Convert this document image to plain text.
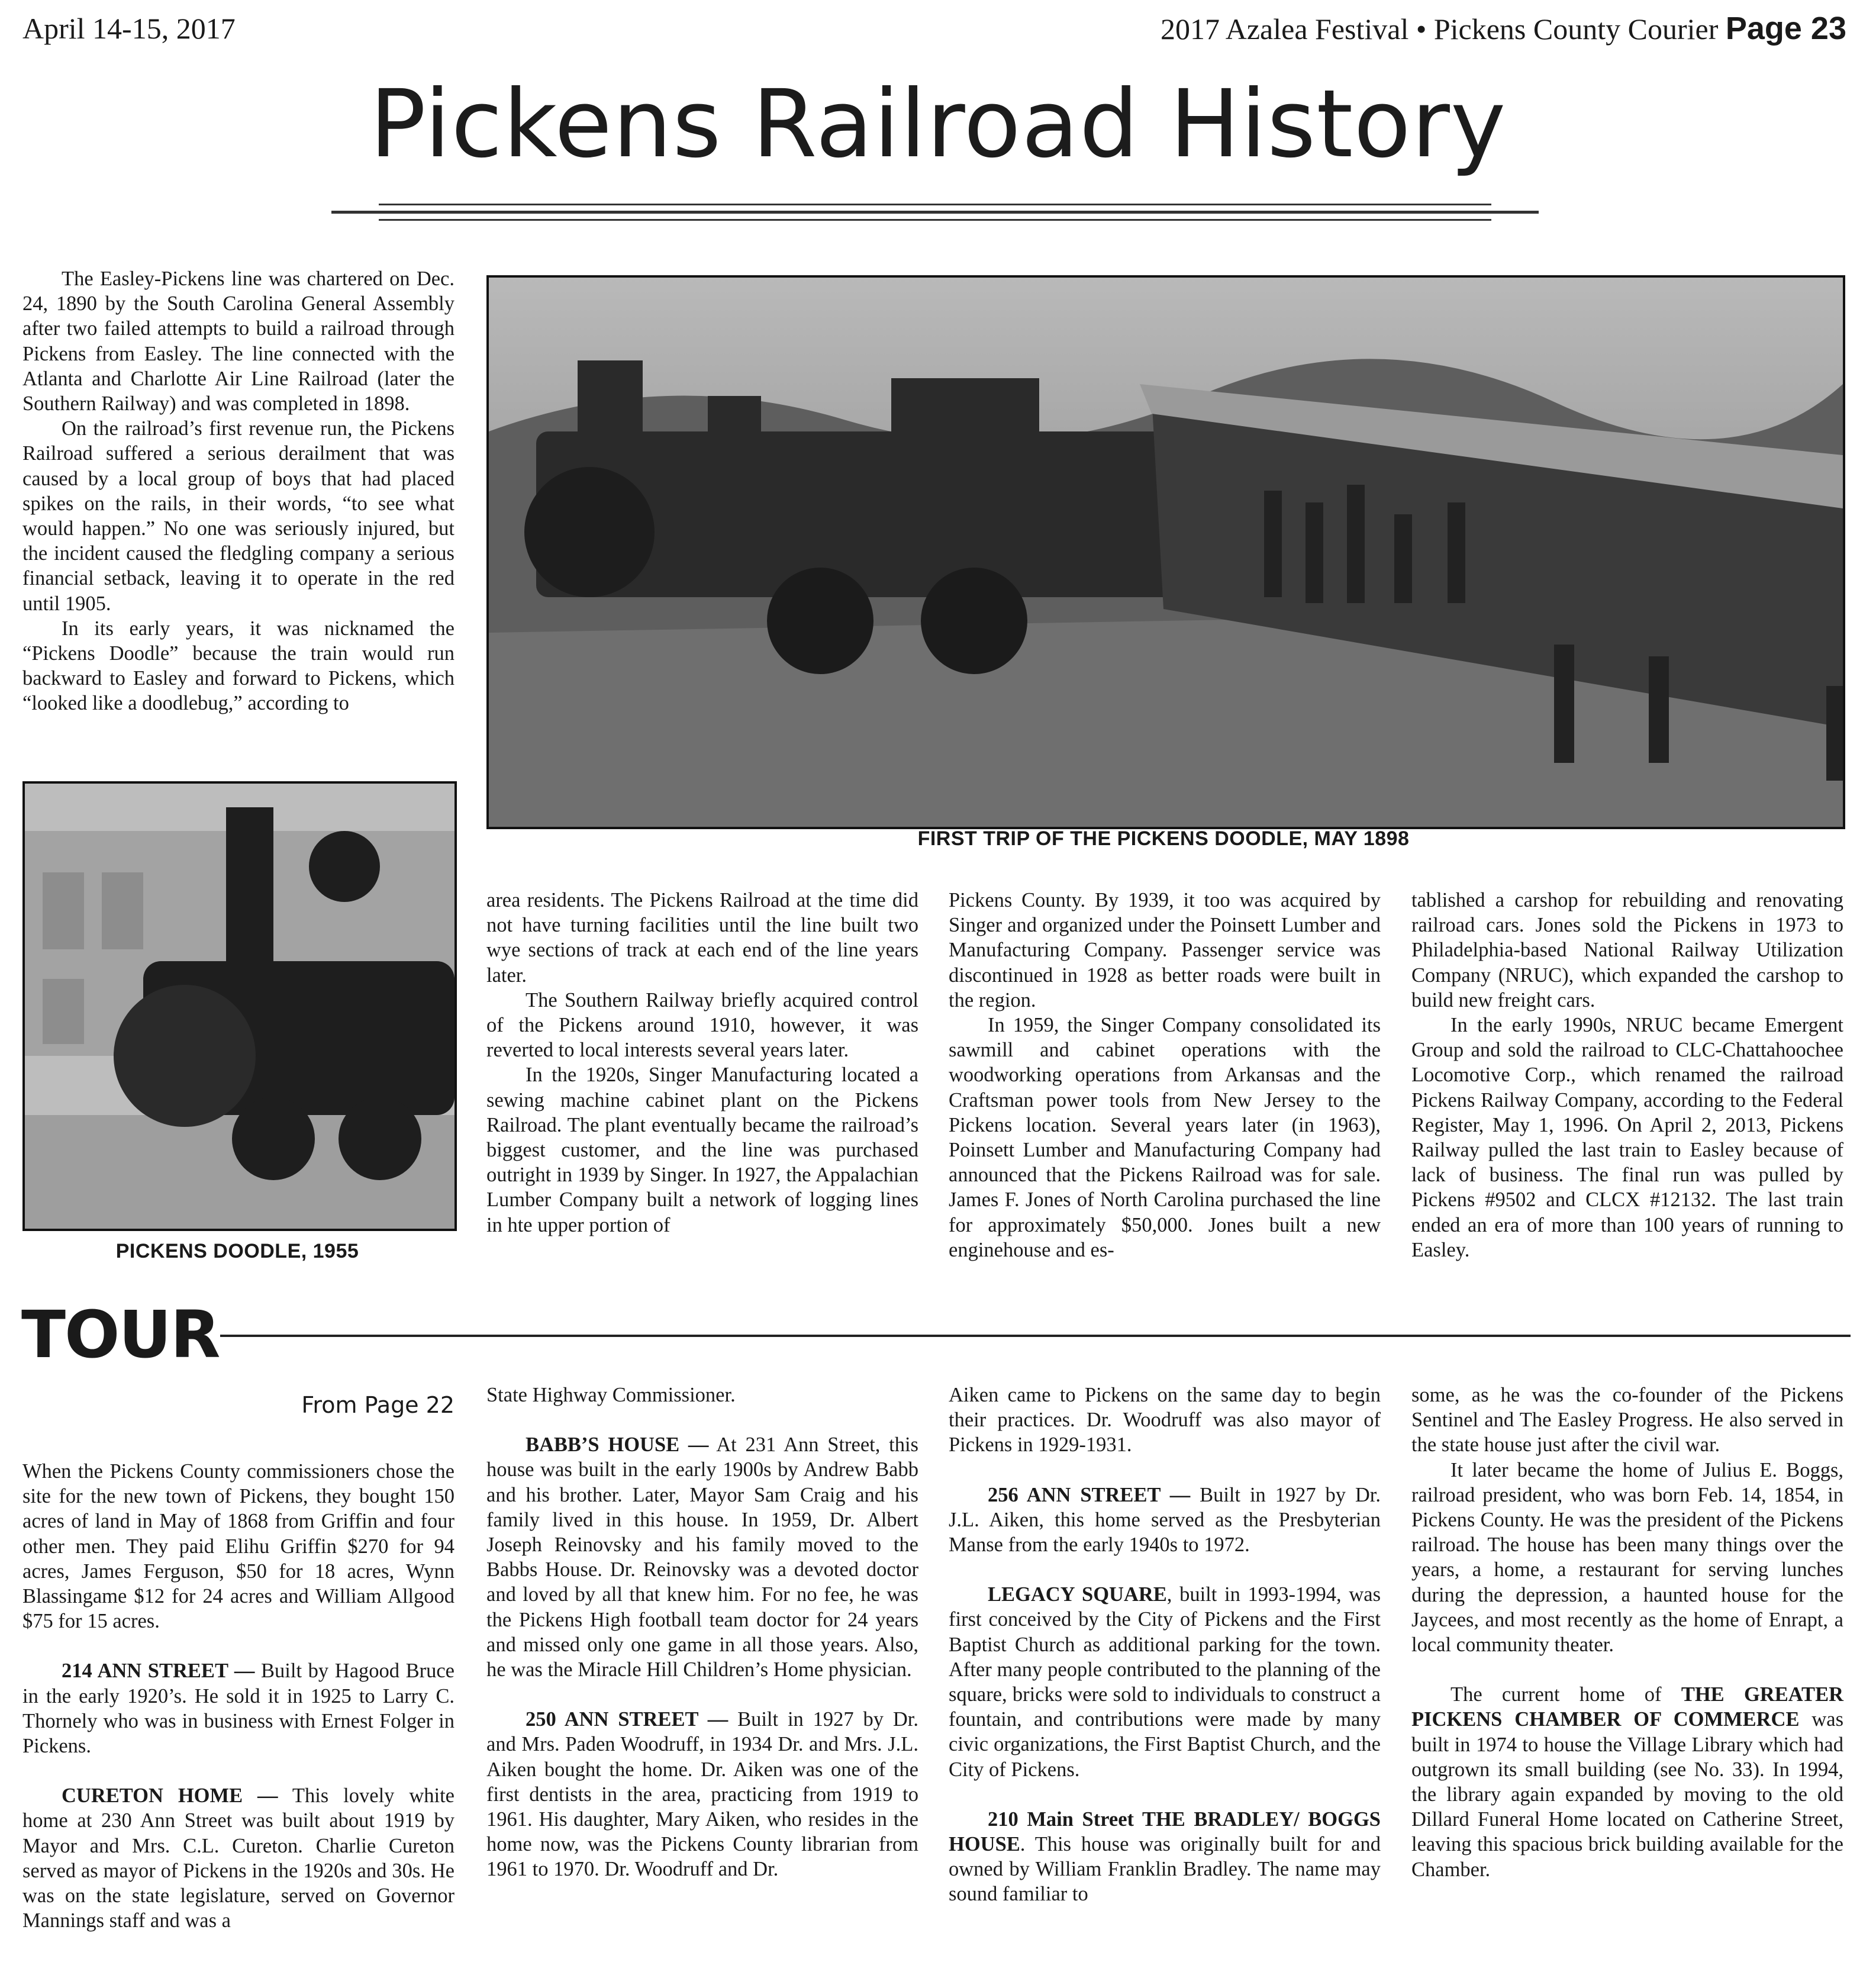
April 14-15, 2017	2017 Azalea Festival • Pickens County Courier Page 23
Pickens Railroad History

The Easley-Pickens line was chartered on Dec. 24, 1890 by the South Carolina General Assembly after two failed attempts to build a railroad through Pickens from Easley. The line connected with the Atlanta and Charlotte Air Line Railroad (later the Southern Railway) and was completed in 1898.

On the railroad’s first revenue run, the Pickens Railroad suffered a serious derailment that was caused by a local group of boys that had placed spikes on the rails, in their words, “to see what would happen.” No one was seriously injured, but the incident caused the fledgling company a serious financial setback, leaving it to operate in the red until 1905.

In its early years, it was nicknamed the “Pickens Doodle” because the train would run backward to Easley and forward to Pickens, which “looked like a doodlebug,” according to

FIRST TRIP OF THE PICKENS DOODLE, MAY 1898
PICKENS DOODLE, 1955

area residents. The Pickens Railroad at the time did not have turning facilities until the line built two wye sections of track at each end of the line years later.

The Southern Railway briefly acquired control of the Pickens around 1910, however, it was reverted to local interests several years later.

In the 1920s, Singer Manufacturing located a sewing machine cabinet plant on the Pickens Railroad. The plant eventually became the railroad’s biggest customer, and the line was purchased outright in 1939 by Singer. In 1927, the Appalachian Lumber Company built a network of logging lines in hte upper portion of

Pickens County. By 1939, it too was acquired by Singer and organized under the Poinsett Lumber and Manufacturing Company. Passenger service was discontinued in 1928 as better roads were built in the region.

In 1959, the Singer Company consolidated its sawmill and cabinet operations with the woodworking operations from Arkansas and the Craftsman power tools from New Jersey to the Pickens location. Several years later (in 1963), Poinsett Lumber and Manufacturing Company had announced that the Pickens Railroad was for sale. James F. Jones of North Carolina purchased the line for approximately $50,000. Jones built a new enginehouse and es-

tablished a carshop for rebuilding and renovating railroad cars. Jones sold the Pickens in 1973 to Philadelphia-based National Railway Utilization Company (NRUC), which expanded the carshop to build new freight cars.

In the early 1990s, NRUC became Emergent Group and sold the railroad to CLC-Chattahoochee Locomotive Corp., which renamed the railroad Pickens Railway Company, according to the Federal Register, May 1, 1996. On April 2, 2013, Pickens Railway pulled the last train to Easley because of lack of business. The final run was pulled by Pickens #9502 and CLCX #12132. The last train ended an era of more than 100 years of running to Easley.

TOUR
From Page 22

When the Pickens County commissioners chose the site for the new town of Pickens, they bought 150 acres of land in May of 1868 from Griffin and four other men. They paid Elihu Griffin $270 for 94 acres, James Ferguson, $50 for 18 acres, Wynn Blassingame $12 for 24 acres and William Allgood $75 for 15 acres.

214 ANN STREET — Built by Hagood Bruce in the early 1920’s. He sold it in 1925 to Larry C. Thornely who was in business with Ernest Folger in Pickens.

CURETON HOME — This lovely white home at 230 Ann Street was built about 1919 by Mayor and Mrs. C.L. Cureton. Charlie Cureton served as mayor of Pickens in the 1920s and 30s. He was on the state legislature, served on Governor Mannings staff and was a

State Highway Commissioner.

BABB’S HOUSE — At 231 Ann Street, this house was built in the early 1900s by Andrew Babb and his brother. Later, Mayor Sam Craig and his family lived in this house. In 1959, Dr. Albert Joseph Reinovsky and his family moved to the Babbs House. Dr. Reinovsky was a devoted doctor and loved by all that knew him. For no fee, he was the Pickens High football team doctor for 24 years and missed only one game in all those years. Also, he was the Miracle Hill Children’s Home physician.

250 ANN STREET — Built in 1927 by Dr. and Mrs. Paden Woodruff, in 1934 Dr. and Mrs. J.L. Aiken bought the home. Dr. Aiken was one of the first dentists in the area, practicing from 1919 to 1961. His daughter, Mary Aiken, who resides in the home now, was the Pickens County librarian from 1961 to 1970. Dr. Woodruff and Dr.

Aiken came to Pickens on the same day to begin their practices. Dr. Woodruff was also mayor of Pickens in 1929-1931.

256 ANN STREET — Built in 1927 by Dr. J.L. Aiken, this home served as the Presbyterian Manse from the early 1940s to 1972.

LEGACY SQUARE, built in 1993-1994, was first conceived by the City of Pickens and the First Baptist Church as additional parking for the town. After many people contributed to the planning of the square, bricks were sold to individuals to construct a fountain, and contributions were made by many civic organizations, the First Baptist Church, and the City of Pickens.

210 Main Street THE BRADLEY/ BOGGS HOUSE. This house was originally built for and owned by William Franklin Bradley. The name may sound familiar to

some, as he was the co-founder of the Pickens Sentinel and The Easley Progress. He also served in the state house just after the civil war.

It later became the home of Julius E. Boggs, railroad president, who was born Feb. 14, 1854, in Pickens County. He was the president of the Pickens railroad. The house has been many things over the years, a home, a restaurant for serving lunches during the depression, a haunted house for the Jaycees, and most recently as the home of Enrapt, a local community theater.

The current home of THE GREATER PICKENS CHAMBER OF COMMERCE was built in 1974 to house the Village Library which had outgrown its small building (see No. 33). In 1994, the library again expanded by moving to the old Dillard Funeral Home located on Catherine Street, leaving this spacious brick building available for the Chamber.
